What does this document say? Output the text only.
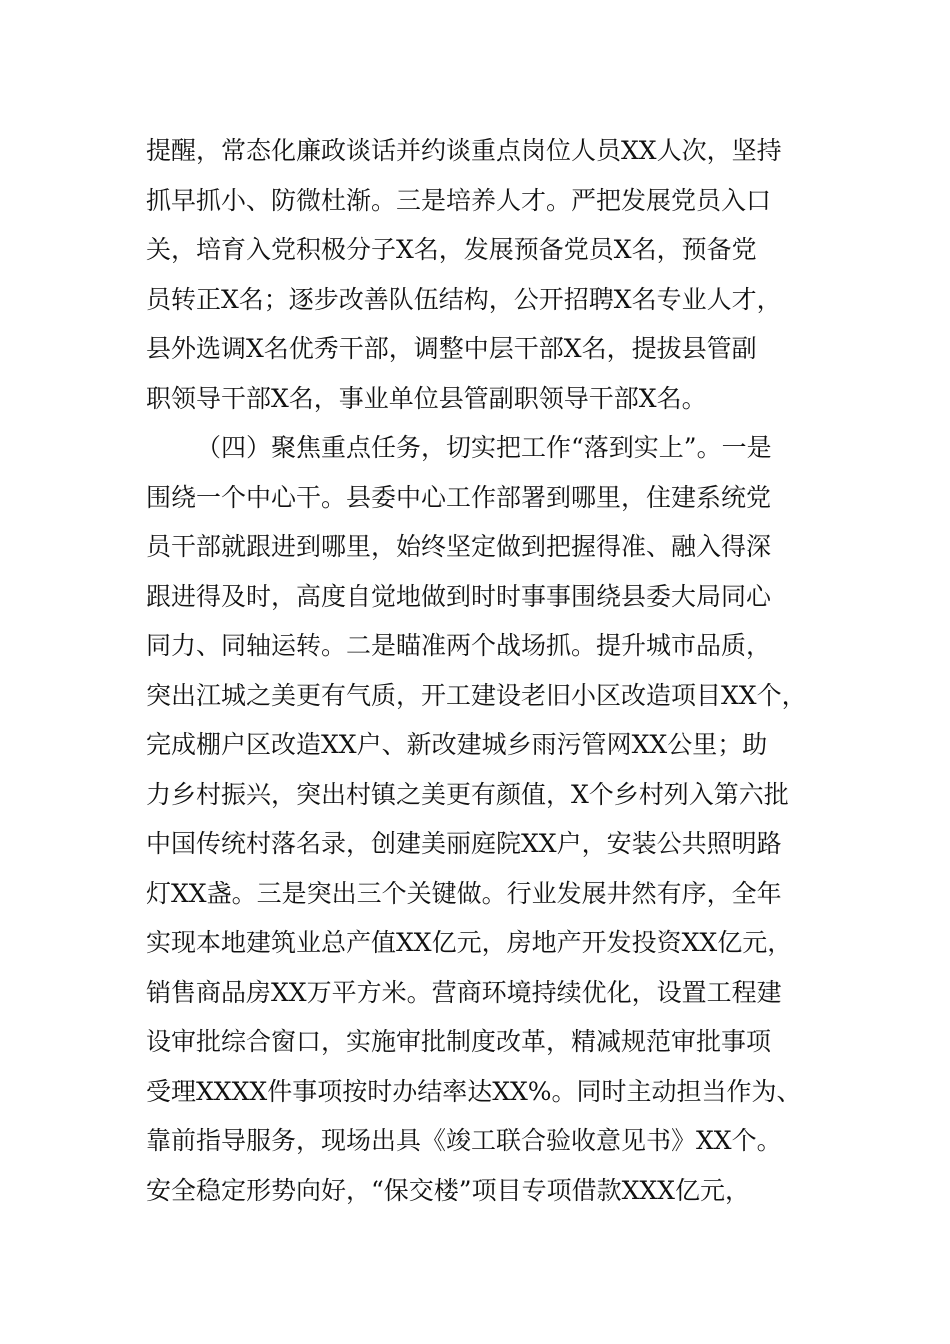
提醒，常态化廉政谈话并约谈重点岗位人员XX人次，坚持
抓早抓小、防微杜渐。三是培养人才。严把发展党员入口
关，培育入党积极分子X名，发展预备党员X名，预备党
员转正X名；逐步改善队伍结构，公开招聘X名专业人才，
县外选调X名优秀干部，调整中层干部X名，提拔县管副
职领导干部X名，事业单位县管副职领导干部X名。
（四）聚焦重点任务，切实把工作“落到实上”。一是
围绕一个中心干。县委中心工作部署到哪里，住建系统党
员干部就跟进到哪里，始终坚定做到把握得准、融入得深
跟进得及时，高度自觉地做到时时事事围绕县委大局同心
同力、同轴运转。二是瞄准两个战场抓。提升城市品质，
突出江城之美更有气质，开工建设老旧小区改造项目XX个，
完成棚户区改造XX户、新改建城乡雨污管网XX公里；助
力乡村振兴，突出村镇之美更有颜值，X个乡村列入第六批
中国传统村落名录，创建美丽庭院XX户，安装公共照明路
灯XX盏。三是突出三个关键做。行业发展井然有序，全年
实现本地建筑业总产值XX亿元，房地产开发投资XX亿元，
销售商品房XX万平方米。营商环境持续优化，设置工程建
设审批综合窗口，实施审批制度改革，精减规范审批事项
受理XXXX件事项按时办结率达XX%。同时主动担当作为、
靠前指导服务，现场出具《竣工联合验收意见书》XX个。
安全稳定形势向好，“保交楼”项目专项借款XXX亿元，
